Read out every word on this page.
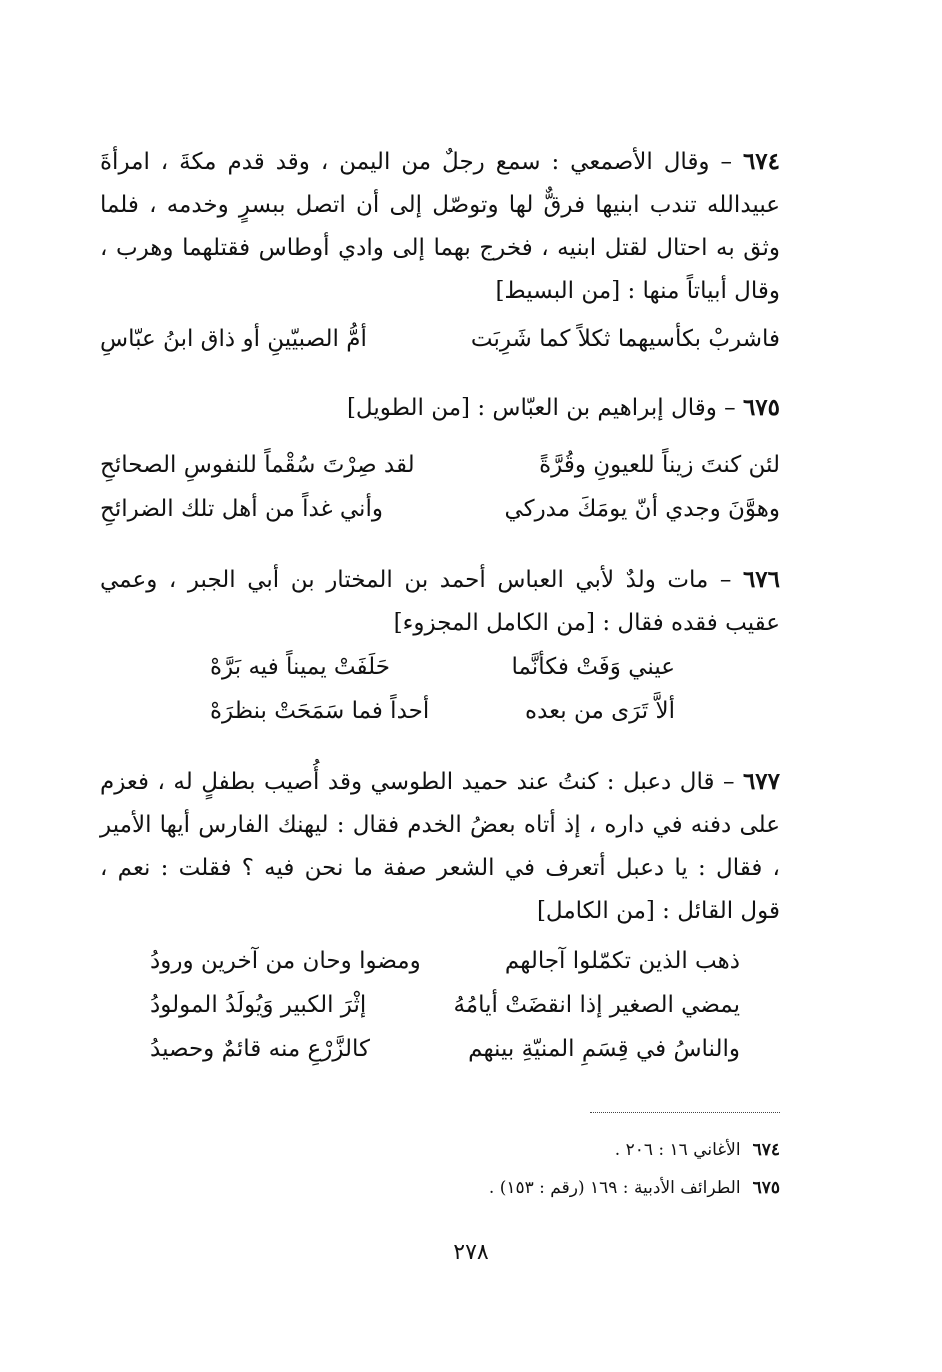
٦٧٤ – وقال الأصمعي : سمع رجلٌ من اليمن ، وقد قدم مكةَ ، امرأةَ عبيدالله تندب ابنيها فرقٌّ لها وتوصّل إلى أن اتصل ببسرٍ وخدمه ، فلما وثق به احتال لقتل ابنيه ، فخرج بهما إلى وادي أوطاس فقتلهما وهرب ، وقال أبياتاً منها : [من البسيط]
فاشربْ بكأسيهما ثكلاً كما شَرِبَت
أمُّ الصبيّينِ أو ذاق ابنُ عبّاسِ
٦٧٥ – وقال إبراهيم بن العبّاس : [من الطويل]
لئن كنتَ زيناً للعيونِ وقُرَّةً
لقد صِرْتَ سُقْماً للنفوسِ الصحائحِ
وهوَّنَ وجدي أنّ يومَكَ مدركي
وأني غداً من أهل تلك الضرائحِ
٦٧٦ – مات ولدٌ لأبي العباس أحمد بن المختار بن أبي الجبر ، وعمي عقيب فقده فقال : [من الكامل المجزوء]
عيني وَفَتْ فكأنَّما
حَلَفَتْ يميناً فيه بَرَّهْ
ألاَّ تَرَى من بعده
أحداً فما سَمَحَتْ بنظرَهْ
٦٧٧ – قال دعبل : كنتُ عند حميد الطوسي وقد أُصيب بطفلٍ له ، فعزم على دفنه في داره ، إذ أتاه بعضُ الخدم فقال : ليهنك الفارس أيها الأمير ، فقال : يا دعبل أتعرف في الشعر صفة ما نحن فيه ؟ فقلت : نعم ، قول القائل : [من الكامل]
ذهب الذين تكمّلوا آجالهم
ومضوا وحان من آخرين ورودُ
يمضي الصغير إذا انقضَتْ أيامُهُ
إثْرَ الكبير وَيُولَدُ المولودُ
والناسُ في قِسَمِ المنيّةِ بينهم
كالزَّرْعِ منه قائمٌ وحصيدُ
٦٧٤الأغاني ١٦ : ٢٠٦ .
٦٧٥الطرائف الأدبية : ١٦٩ (رقم : ١٥٣) .
٢٧٨
